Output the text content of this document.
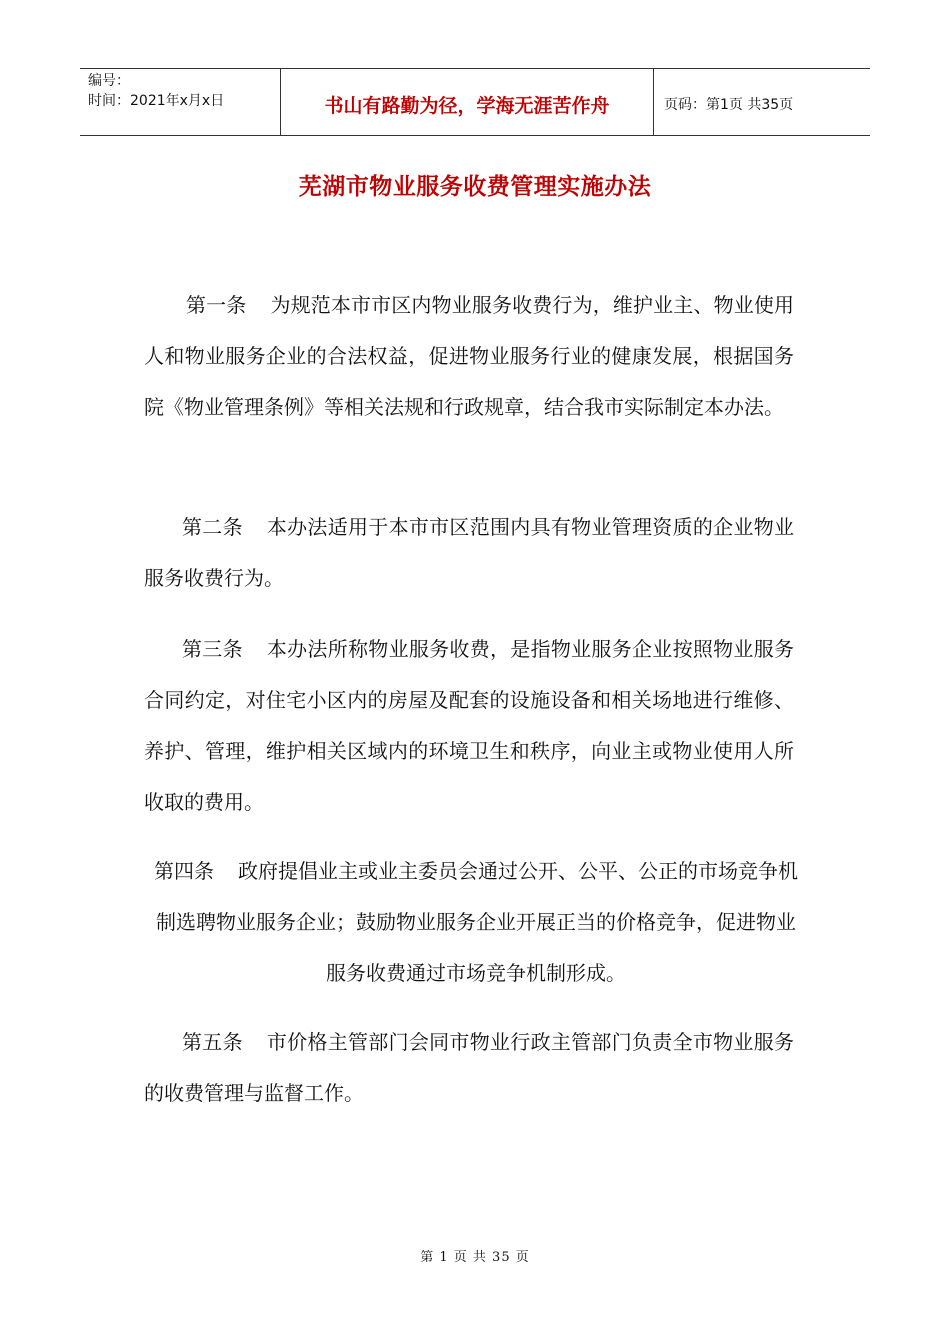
编号：
时间：2021年x月x日	书山有路勤为径，学海无涯苦作舟	页码：第1页 共35页
芜湖市物业服务收费管理实施办法

第一条 为规范本市市区内物业服务收费行为，维护业主、物业使用人和物业服务企业的合法权益，促进物业服务行业的健康发展，根据国务院《物业管理条例》等相关法规和行政规章，结合我市实际制定本办法。

第二条 本办法适用于本市市区范围内具有物业管理资质的企业物业服务收费行为。

第三条 本办法所称物业服务收费，是指物业服务企业按照物业服务合同约定，对住宅小区内的房屋及配套的设施设备和相关场地进行维修、养护、管理，维护相关区域内的环境卫生和秩序，向业主或物业使用人所收取的费用。

第四条 政府提倡业主或业主委员会通过公开、公平、公正的市场竞争机制选聘物业服务企业；鼓励物业服务企业开展正当的价格竞争，促进物业服务收费通过市场竞争机制形成。

第五条 市价格主管部门会同市物业行政主管部门负责全市物业服务的收费管理与监督工作。

第 1 页 共 35 页
